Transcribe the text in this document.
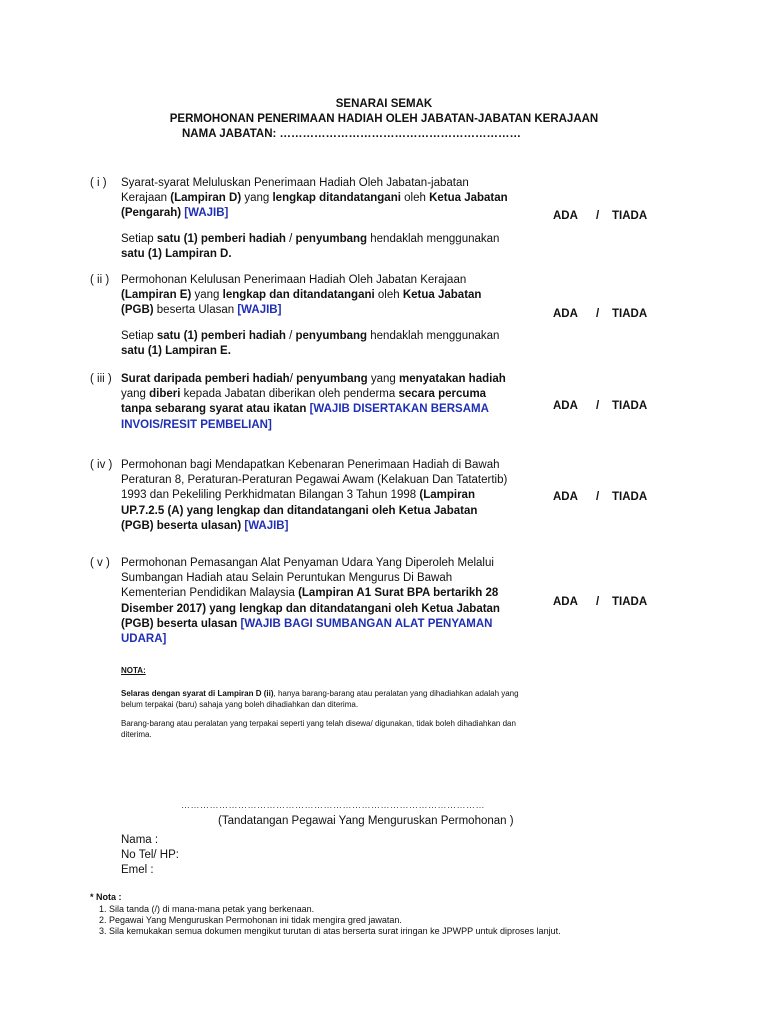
SENARAI SEMAK
PERMOHONAN PENERIMAAN HADIAH OLEH JABATAN-JABATAN KERAJAAN
NAMA JABATAN: ………………………………………………………
( i ) Syarat-syarat Meluluskan Penerimaan Hadiah Oleh Jabatan-jabatan Kerajaan (Lampiran D) yang lengkap ditandatangani oleh Ketua Jabatan (Pengarah) [WAJIB]

Setiap satu (1) pemberi hadiah / penyumbang hendaklah menggunakan satu (1) Lampiran D.

ADA / TIADA
( ii ) Permohonan Kelulusan Penerimaan Hadiah Oleh Jabatan Kerajaan (Lampiran E) yang lengkap dan ditandatangani oleh Ketua Jabatan (PGB) beserta Ulasan [WAJIB]

Setiap satu (1) pemberi hadiah / penyumbang hendaklah menggunakan satu (1) Lampiran E.

ADA / TIADA
( iii ) Surat daripada pemberi hadiah/ penyumbang yang menyatakan hadiah yang diberi kepada Jabatan diberikan oleh penderma secara percuma tanpa sebarang syarat atau ikatan [WAJIB DISERTAKAN BERSAMA INVOIS/RESIT PEMBELIAN]

ADA / TIADA
( iv ) Permohonan bagi Mendapatkan Kebenaran Penerimaan Hadiah di Bawah Peraturan 8, Peraturan-Peraturan Pegawai Awam (Kelakuan Dan Tatatertib) 1993 dan Pekeliling Perkhidmatan Bilangan 3 Tahun 1998 (Lampiran UP.7.2.5 (A) yang lengkap dan ditandatangani oleh Ketua Jabatan (PGB) beserta ulasan) [WAJIB]

ADA / TIADA
( v ) Permohonan Pemasangan Alat Penyaman Udara Yang Diperoleh Melalui Sumbangan Hadiah atau Selain Peruntukan Mengurus Di Bawah Kementerian Pendidikan Malaysia (Lampiran A1 Surat BPA bertarikh 28 Disember 2017) yang lengkap dan ditandatangani oleh Ketua Jabatan (PGB) beserta ulasan [WAJIB BAGI SUMBANGAN ALAT PENYAMAN UDARA]

ADA / TIADA
NOTA:

Selaras dengan syarat di Lampiran D (ii), hanya barang-barang atau peralatan yang dihadiahkan adalah yang belum terpakai (baru) sahaja yang boleh dihadiahkan dan diterima.

Barang-barang atau peralatan yang terpakai seperti yang telah disewa/ digunakan, tidak boleh dihadiahkan dan diterima.

……………………………………………………………………………………
(Tandatangan Pegawai Yang Menguruskan Permohonan )
Nama :
No Tel/ HP:
Emel :
* Nota :
1. Sila tanda (/) di mana-mana petak yang berkenaan.
2. Pegawai Yang Menguruskan Permohonan ini tidak mengira gred jawatan.
3. Sila kemukakan semua dokumen mengikut turutan di atas berserta surat iringan ke JPWPP untuk diproses lanjut.
